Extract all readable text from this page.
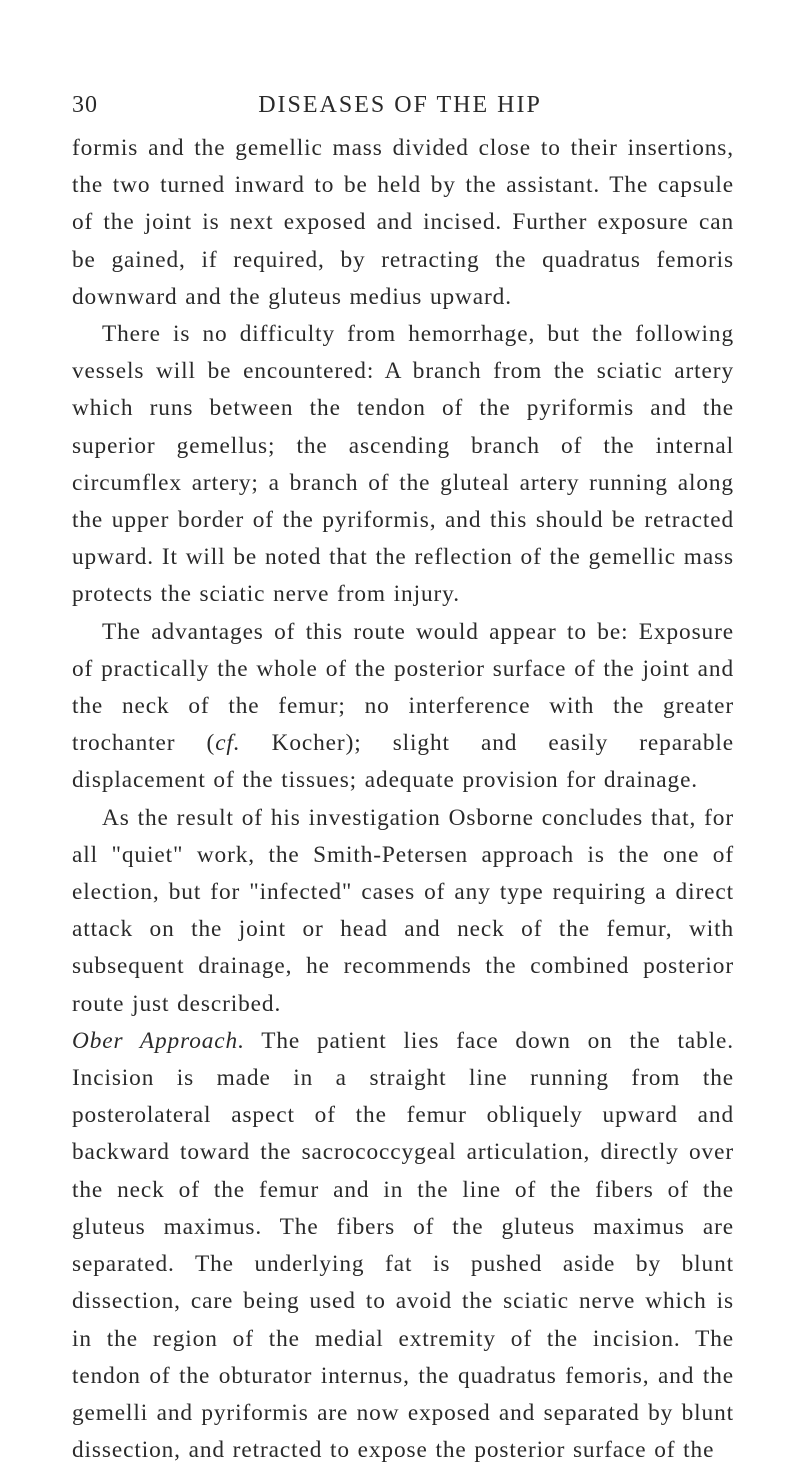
30	DISEASES OF THE HIP

formis and the gemellic mass divided close to their insertions, the two turned inward to be held by the assistant. The capsule of the joint is next exposed and incised. Further exposure can be gained, if required, by retracting the quadratus femoris downward and the gluteus medius upward.

There is no difficulty from hemorrhage, but the following vessels will be encountered: A branch from the sciatic artery which runs between the tendon of the pyriformis and the superior gemellus; the ascending branch of the internal circumflex artery; a branch of the gluteal artery running along the upper border of the pyriformis, and this should be retracted upward. It will be noted that the reflection of the gemellic mass protects the sciatic nerve from injury.

The advantages of this route would appear to be: Exposure of practically the whole of the posterior surface of the joint and the neck of the femur; no interference with the greater trochanter (cf. Kocher); slight and easily reparable displacement of the tissues; adequate provision for drainage.

As the result of his investigation Osborne concludes that, for all "quiet" work, the Smith-Petersen approach is the one of election, but for "infected" cases of any type requiring a direct attack on the joint or head and neck of the femur, with subsequent drainage, he recommends the combined posterior route just described.

Ober Approach. The patient lies face down on the table. Incision is made in a straight line running from the posterolateral aspect of the femur obliquely upward and backward toward the sacrococcygeal articulation, directly over the neck of the femur and in the line of the fibers of the gluteus maximus. The fibers of the gluteus maximus are separated. The underlying fat is pushed aside by blunt dissection, care being used to avoid the sciatic nerve which is in the region of the medial extremity of the incision. The tendon of the obturator internus, the quadratus femoris, and the gemelli and pyriformis are now exposed and separated by blunt dissection, and retracted to expose the posterior surface of the
